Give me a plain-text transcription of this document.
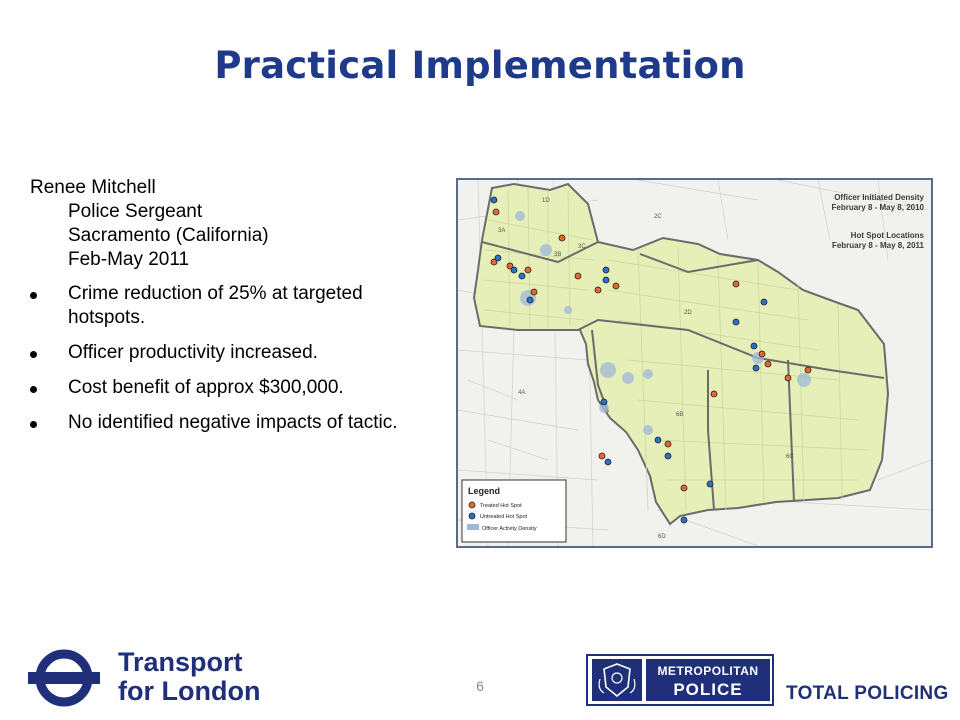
Practical Implementation

Renee Mitchell

Police Sergeant

Sacramento (California)

Feb-May 2011

Crime reduction of 25% at targeted hotspots.
Officer productivity increased.
Cost benefit of approx $300,000.
No identified negative impacts of tactic.
3A
3B
3C
2C
2D
4A
6B
6C
6D
1D	Officer Initiated Density
February 8 - May 8, 2010
Hot Spot Locations
February 8 - May 8, 2011
Legend
Treated Hot Spot
Untreated Hot Spot
Officer Activity Density
6
Transport
for London
METROPOLITAN
POLICE	TOTAL POLICING
